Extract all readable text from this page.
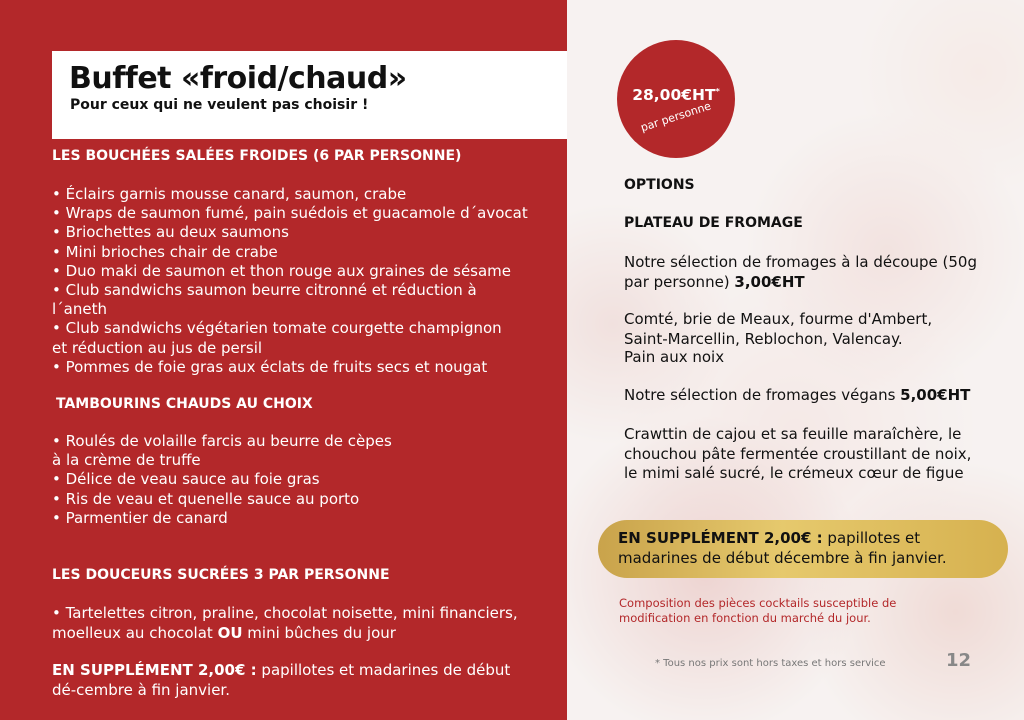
Buffet «froid/chaud»
Pour ceux qui ne veulent pas choisir !
LES BOUCHÉES SALÉES FROIDES (6 PAR PERSONNE)
• Éclairs garnis mousse canard, saumon, crabe
• Wraps de saumon fumé, pain suédois et guacamole d´avocat
• Briochettes au deux saumons
• Mini brioches chair de crabe
• Duo maki de saumon et thon rouge aux graines de sésame
• Club sandwichs saumon beurre citronné et réduction à
l´aneth
• Club sandwichs végétarien tomate courgette champignon
et réduction au jus de persil
• Pommes de foie gras aux éclats de fruits secs et nougat
TAMBOURINS CHAUDS AU CHOIX
• Roulés de volaille farcis au beurre de cèpes
à la crème de truffe
• Délice de veau sauce au foie gras
• Ris de veau et quenelle sauce au porto
• Parmentier de canard
LES DOUCEURS SUCRÉES 3 PAR PERSONNE

• Tartelettes citron, praline, chocolat noisette, mini financiers, moelleux au chocolat OU mini bûches du jour

EN SUPPLÉMENT 2,00€ : papillotes et madarines de début dé-cembre à fin janvier.

28,00€HT*
par personne
OPTIONS
PLATEAU DE FROMAGE

Notre sélection de fromages à la découpe (50g par personne) 3,00€HT

Comté, brie de Meaux, fourme d'Ambert, Saint-Marcellin, Reblochon, Valencay.

Pain aux noix

Notre sélection de fromages végans 5,00€HT

Crawttin de cajou et sa feuille maraîchère, le chouchou pâte fermentée croustillant de noix, le mimi salé sucré, le crémeux cœur de figue

EN SUPPLÉMENT 2,00€ : papillotes et madarines de début décembre à fin janvier.
Composition des pièces cocktails susceptible de modification en fonction du marché du jour.
* Tous nos prix sont hors taxes et hors service	12
